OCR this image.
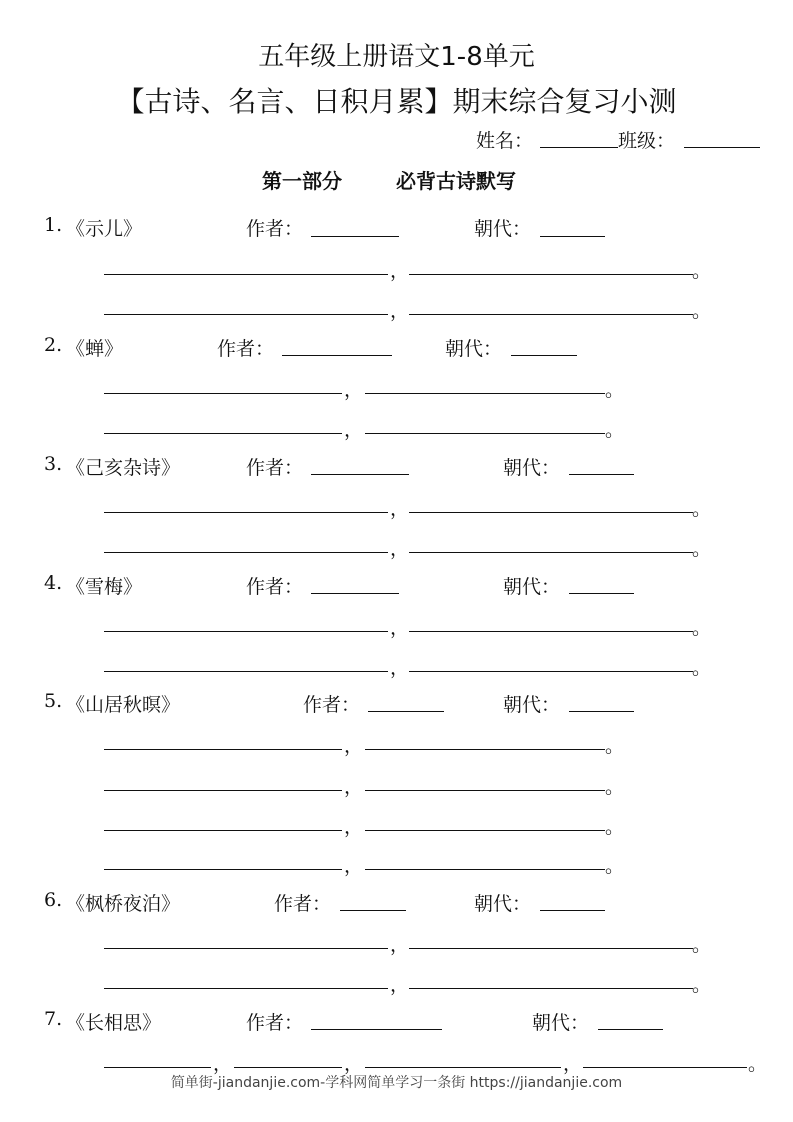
五年级上册语文1-8单元
【古诗、名言、日积月累】期末综合复习小测
姓名：	班级：
第一部分	必背古诗默写
1. 《示儿》	作者：	朝代：
，	。
，	。
2. 《蝉》	作者：	朝代：
，	。
，	。
3. 《己亥杂诗》	作者：	朝代：
，	。
，	。
4. 《雪梅》	作者：	朝代：
，	。
，	。
5. 《山居秋暝》	作者：	朝代：
，	。
，	。
，	。
，	。
6. 《枫桥夜泊》	作者：	朝代：
，	。
，	。
7. 《长相思》	作者：	朝代：
，	，	，	。
简单街-jiandanjie.com-学科网简单学习一条街 https://jiandanjie.com
